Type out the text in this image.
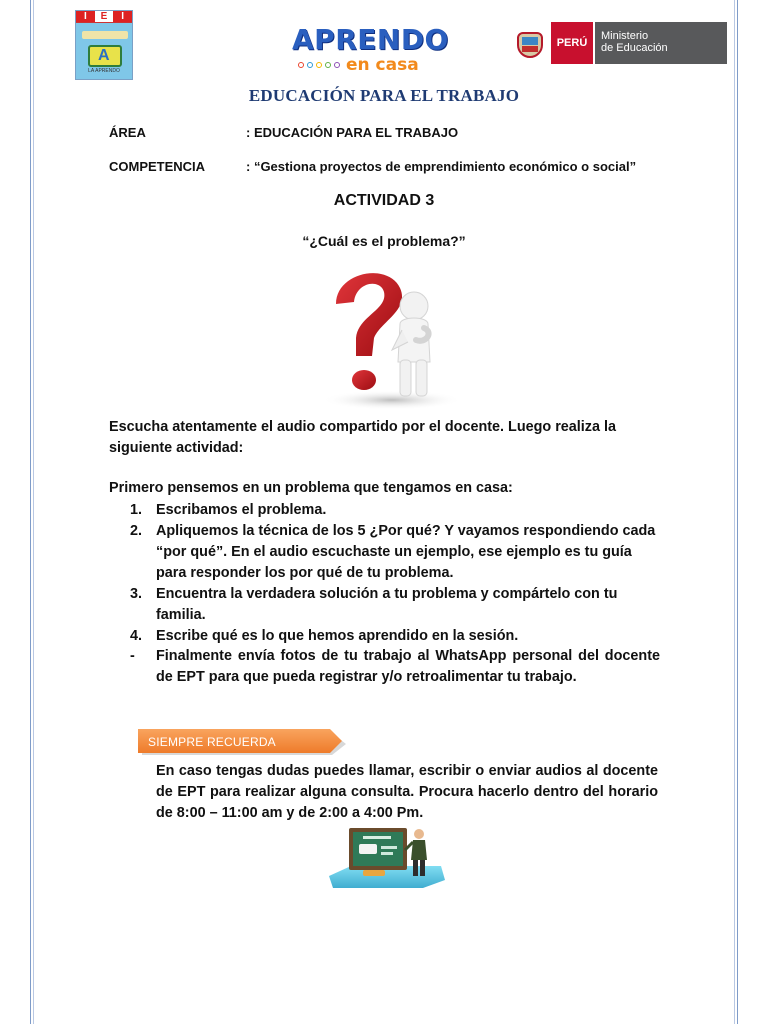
I	E	I
A
LA APRENDO
APRENDO
en casa
PERÚ
Ministerio
de Educación
EDUCACIÓN PARA EL TRABAJO
ÁREA	: EDUCACIÓN PARA EL TRABAJO
COMPETENCIA	: “Gestiona proyectos de emprendimiento económico o social”
ACTIVIDAD 3
“¿Cuál es el problema?”
Escucha atentamente el audio compartido por el docente. Luego realiza la siguiente actividad:
Primero pensemos en un problema que tengamos en casa:
1. Escribamos el problema.
2. Apliquemos la técnica de los 5 ¿Por qué? Y vayamos respondiendo cada “por qué”. En el audio escuchaste un ejemplo, ese ejemplo es tu guía para responder los por qué de tu problema.
3. Encuentra la verdadera solución a tu problema y compártelo con tu familia.
4. Escribe qué es lo que hemos aprendido en la sesión.
-	Finalmente envía fotos de tu trabajo al WhatsApp personal del docente de EPT para que pueda registrar y/o retroalimentar tu trabajo.
SIEMPRE RECUERDA
En caso tengas dudas puedes llamar, escribir o enviar audios al docente de EPT para realizar alguna consulta. Procura hacerlo dentro del horario de 8:00 – 11:00 am y de 2:00 a 4:00 Pm.
